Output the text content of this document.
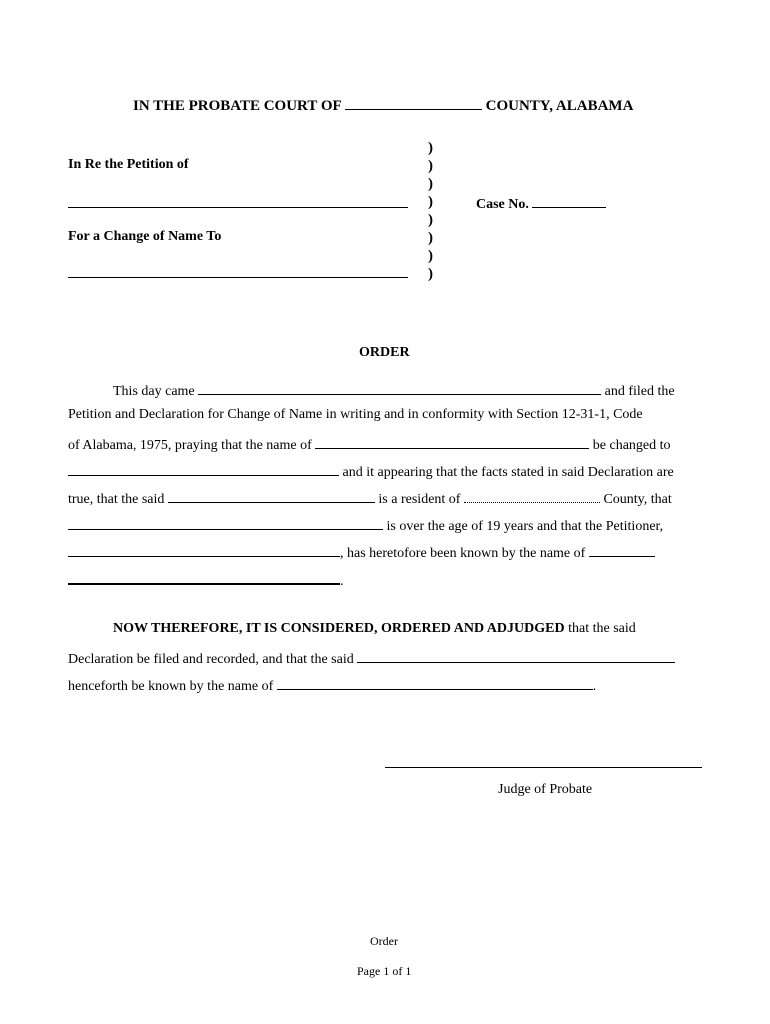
IN THE PROBATE COURT OF	COUNTY, ALABAMA
In Re the Petition of
For a Change of Name To
)
)
)
)
)
)
)
)
Case No.
ORDER
This day came	and filed the
Petition and Declaration for Change of Name in writing and in conformity with Section 12-31-1, Code
of Alabama, 1975, praying that the name of	be changed to
and it appearing that the facts stated in said Declaration are
true, that the said	is a resident of	County, that
is over the age of 19 years and that the Petitioner,
, has heretofore been known by the name of
.
NOW THEREFORE, IT IS CONSIDERED, ORDERED AND ADJUDGED that the said
Declaration be filed and recorded, and that the said
henceforth be known by the name of	.
Judge of Probate
Order
Page 1 of 1
